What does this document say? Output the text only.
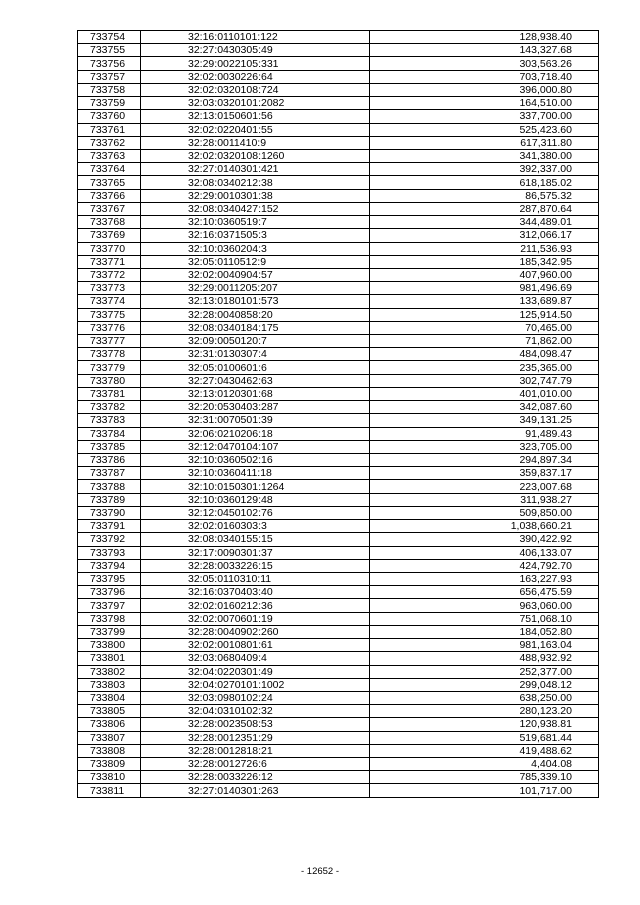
733754	32:16:0110101:122	128,938.40
733755	32:27:0430305:49	143,327.68
733756	32:29:0022105:331	303,563.26
733757	32:02:0030226:64	703,718.40
733758	32:02:0320108:724	396,000.80
733759	32:03:0320101:2082	164,510.00
733760	32:13:0150601:56	337,700.00
733761	32:02:0220401:55	525,423.60
733762	32:28:0011410:9	617,311.80
733763	32:02:0320108:1260	341,380.00
733764	32:27:0140301:421	392,337.00
733765	32:08:0340212:38	618,185.02
733766	32:29:0010301:38	86,575.32
733767	32:08:0340427:152	287,870.64
733768	32:10:0360519:7	344,489.01
733769	32:16:0371505:3	312,066.17
733770	32:10:0360204:3	211,536.93
733771	32:05:0110512:9	185,342.95
733772	32:02:0040904:57	407,960.00
733773	32:29:0011205:207	981,496.69
733774	32:13:0180101:573	133,689.87
733775	32:28:0040858:20	125,914.50
733776	32:08:0340184:175	70,465.00
733777	32:09:0050120:7	71,862.00
733778	32:31:0130307:4	484,098.47
733779	32:05:0100601:6	235,365.00
733780	32:27:0430462:63	302,747.79
733781	32:13:0120301:68	401,010.00
733782	32:20:0530403:287	342,087.60
733783	32:31:0070501:39	349,131.25
733784	32:06:0210206:18	91,489.43
733785	32:12:0470104:107	323,705.00
733786	32:10:0360502:16	294,897.34
733787	32:10:0360411:18	359,837.17
733788	32:10:0150301:1264	223,007.68
733789	32:10:0360129:48	311,938.27
733790	32:12:0450102:76	509,850.00
733791	32:02:0160303:3	1,038,660.21
733792	32:08:0340155:15	390,422.92
733793	32:17:0090301:37	406,133.07
733794	32:28:0033226:15	424,792.70
733795	32:05:0110310:11	163,227.93
733796	32:16:0370403:40	656,475.59
733797	32:02:0160212:36	963,060.00
733798	32:02:0070601:19	751,068.10
733799	32:28:0040902:260	184,052.80
733800	32:02:0010801:61	981,163.04
733801	32:03:0680409:4	488,932.92
733802	32:04:0220301:49	252,377.00
733803	32:04:0270101:1002	299,048.12
733804	32:03:0980102:24	638,250.00
733805	32:04:0310102:32	280,123.20
733806	32:28:0023508:53	120,938.81
733807	32:28:0012351:29	519,681.44
733808	32:28:0012818:21	419,488.62
733809	32:28:0012726:6	4,404.08
733810	32:28:0033226:12	785,339.10
733811	32:27:0140301:263	101,717.00
- 12652 -
